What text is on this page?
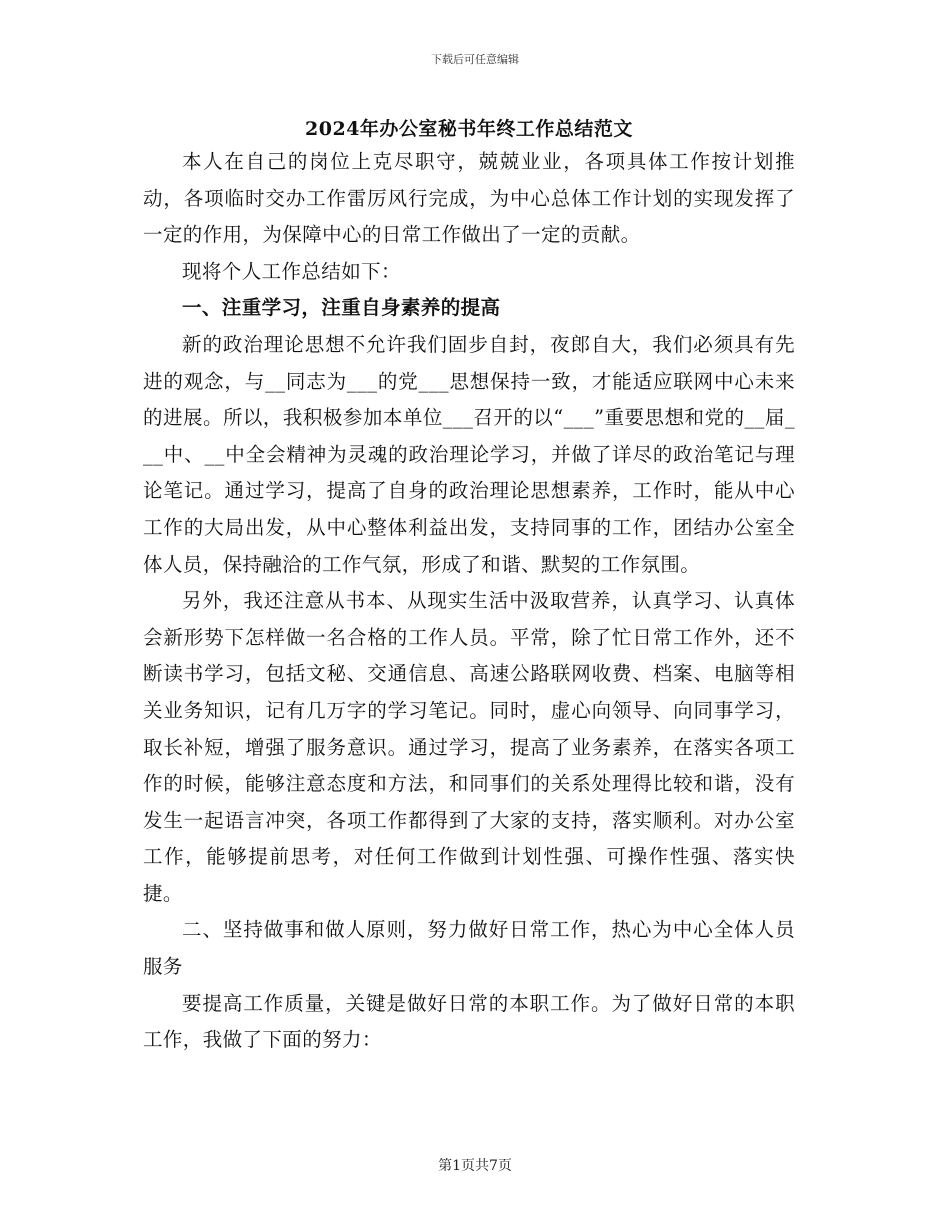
下载后可任意编辑
2024年办公室秘书年终工作总结范文

本人在自己的岗位上克尽职守，兢兢业业，各项具体工作按计划推动，各项临时交办工作雷厉风行完成，为中心总体工作计划的实现发挥了一定的作用，为保障中心的日常工作做出了一定的贡献。

现将个人工作总结如下：

一、注重学习，注重自身素养的提高

新的政治理论思想不允许我们固步自封，夜郎自大，我们必须具有先进的观念，与__同志为___的党___思想保持一致，才能适应联网中心未来的进展。所以，我积极参加本单位___召开的以“___”重要思想和党的__届___中、__中全会精神为灵魂的政治理论学习，并做了详尽的政治笔记与理论笔记。通过学习，提高了自身的政治理论思想素养，工作时，能从中心工作的大局出发，从中心整体利益出发，支持同事的工作，团结办公室全体人员，保持融洽的工作气氛，形成了和谐、默契的工作氛围。

另外，我还注意从书本、从现实生活中汲取营养，认真学习、认真体会新形势下怎样做一名合格的工作人员。平常，除了忙日常工作外，还不断读书学习，包括文秘、交通信息、高速公路联网收费、档案、电脑等相关业务知识，记有几万字的学习笔记。同时，虚心向领导、向同事学习，取长补短，增强了服务意识。通过学习，提高了业务素养，在落实各项工作的时候，能够注意态度和方法，和同事们的关系处理得比较和谐，没有发生一起语言冲突，各项工作都得到了大家的支持，落实顺利。对办公室工作，能够提前思考，对任何工作做到计划性强、可操作性强、落实快捷。

二、坚持做事和做人原则，努力做好日常工作，热心为中心全体人员服务

要提高工作质量，关键是做好日常的本职工作。为了做好日常的本职工作，我做了下面的努力：

第1页共7页
